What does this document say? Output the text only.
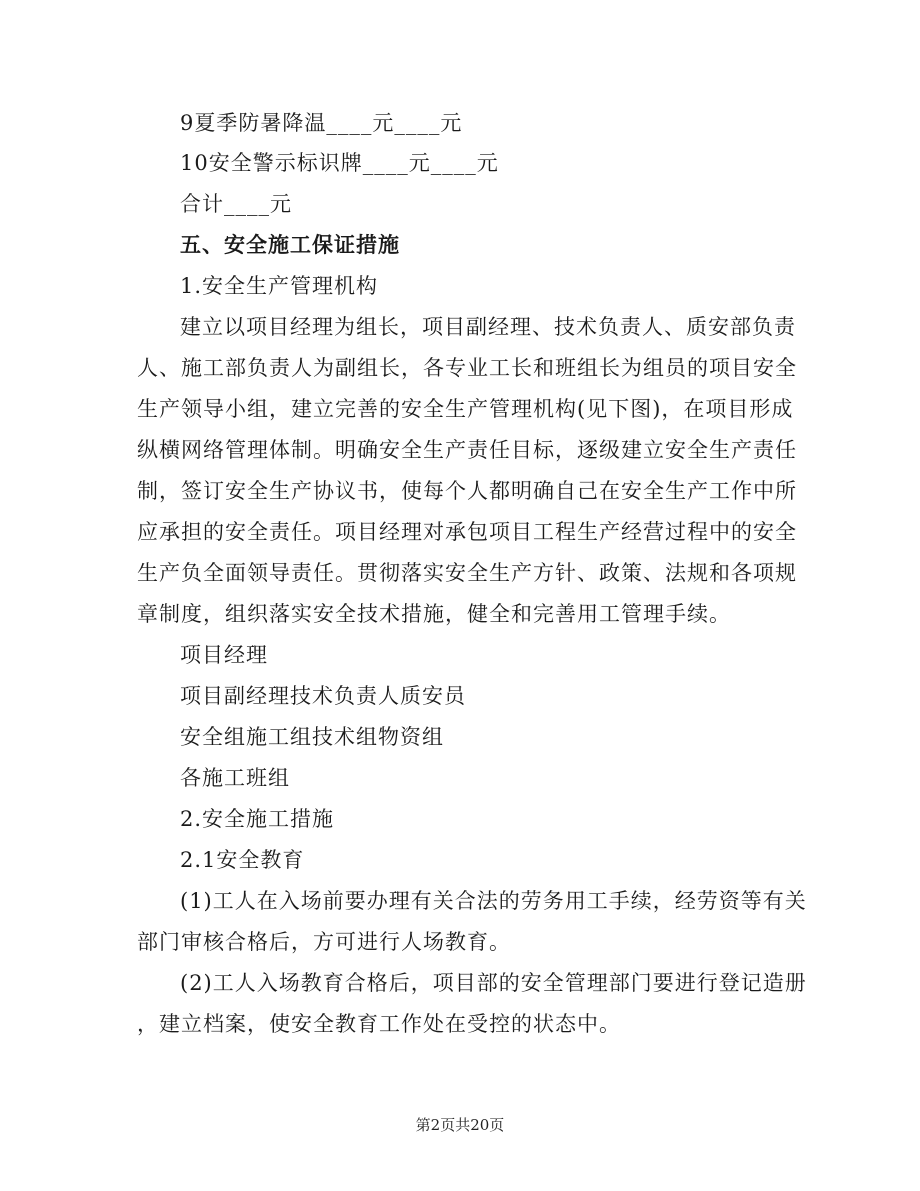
9夏季防暑降温____元____元
10安全警示标识牌____元____元
合计____元
五、安全施工保证措施
1.安全生产管理机构
建立以项目经理为组长，项目副经理、技术负责人、质安部负责
人、施工部负责人为副组长，各专业工长和班组长为组员的项目安全
生产领导小组，建立完善的安全生产管理机构(见下图)，在项目形成
纵横网络管理体制。明确安全生产责任目标，逐级建立安全生产责任
制，签订安全生产协议书，使每个人都明确自己在安全生产工作中所
应承担的安全责任。项目经理对承包项目工程生产经营过程中的安全
生产负全面领导责任。贯彻落实安全生产方针、政策、法规和各项规
章制度，组织落实安全技术措施，健全和完善用工管理手续。
项目经理
项目副经理技术负责人质安员
安全组施工组技术组物资组
各施工班组
2.安全施工措施
2.1安全教育
(1)工人在入场前要办理有关合法的劳务用工手续，经劳资等有关
部门审核合格后，方可进行人场教育。
(2)工人入场教育合格后，项目部的安全管理部门要进行登记造册
，建立档案，使安全教育工作处在受控的状态中。
第2页共20页
